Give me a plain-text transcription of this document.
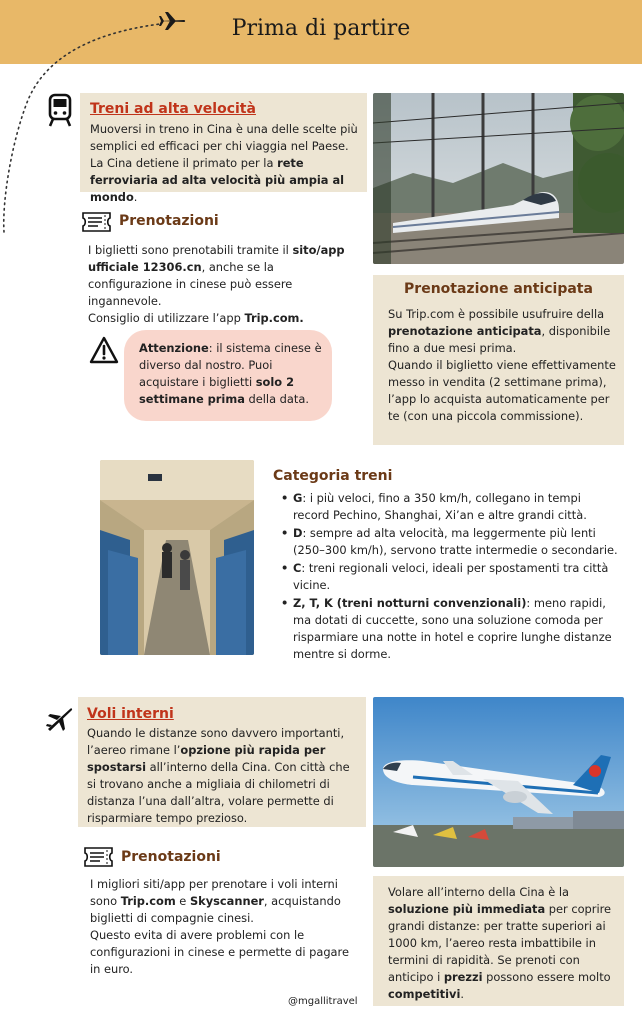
Prima di partire
Treni ad alta velocità
Muoversi in treno in Cina è una delle scelte più semplici ed efficaci per chi viaggia nel Paese. La Cina detiene il primato per la rete ferroviaria ad alta velocità più ampia al mondo.
Prenotazioni
I biglietti sono prenotabili tramite il sito/app ufficiale 12306.cn, anche se la configurazione in cinese può essere ingannevole.
Consiglio di utilizzare l’app Trip.com.
Attenzione: il sistema cinese è diverso dal nostro. Puoi acquistare i biglietti solo 2 settimane prima della data.
Prenotazione anticipata
Su Trip.com è possibile usufruire della prenotazione anticipata, disponibile fino a due mesi prima.
Quando il biglietto viene effettivamente messo in vendita (2 settimane prima), l’app lo acquista automaticamente per te (con una piccola commissione).
Categoria treni
• G: i più veloci, fino a 350 km/h, collegano in tempi record Pechino, Shanghai, Xi’an e altre grandi città.
• D: sempre ad alta velocità, ma leggermente più lenti (250–300 km/h), servono tratte intermedie o secondarie.
• C: treni regionali veloci, ideali per spostamenti tra città vicine.
• Z, T, K (treni notturni convenzionali): meno rapidi, ma dotati di cuccette, sono una soluzione comoda per risparmiare una notte in hotel e coprire lunghe distanze mentre si dorme.
Voli interni
Quando le distanze sono davvero importanti, l’aereo rimane l’opzione più rapida per spostarsi all’interno della Cina. Con città che si trovano anche a migliaia di chilometri di distanza l’una dall’altra, volare permette di risparmiare tempo prezioso.
Prenotazioni
I migliori siti/app per prenotare i voli interni sono Trip.com e Skyscanner, acquistando biglietti di compagnie cinesi.
Questo evita di avere problemi con le configurazioni in cinese e permette di pagare in euro.
Volare all’interno della Cina è la soluzione più immediata per coprire grandi distanze: per tratte superiori ai 1000 km, l’aereo resta imbattibile in termini di rapidità. Se prenoti con anticipo i prezzi possono essere molto competitivi.
@mgallitravel
